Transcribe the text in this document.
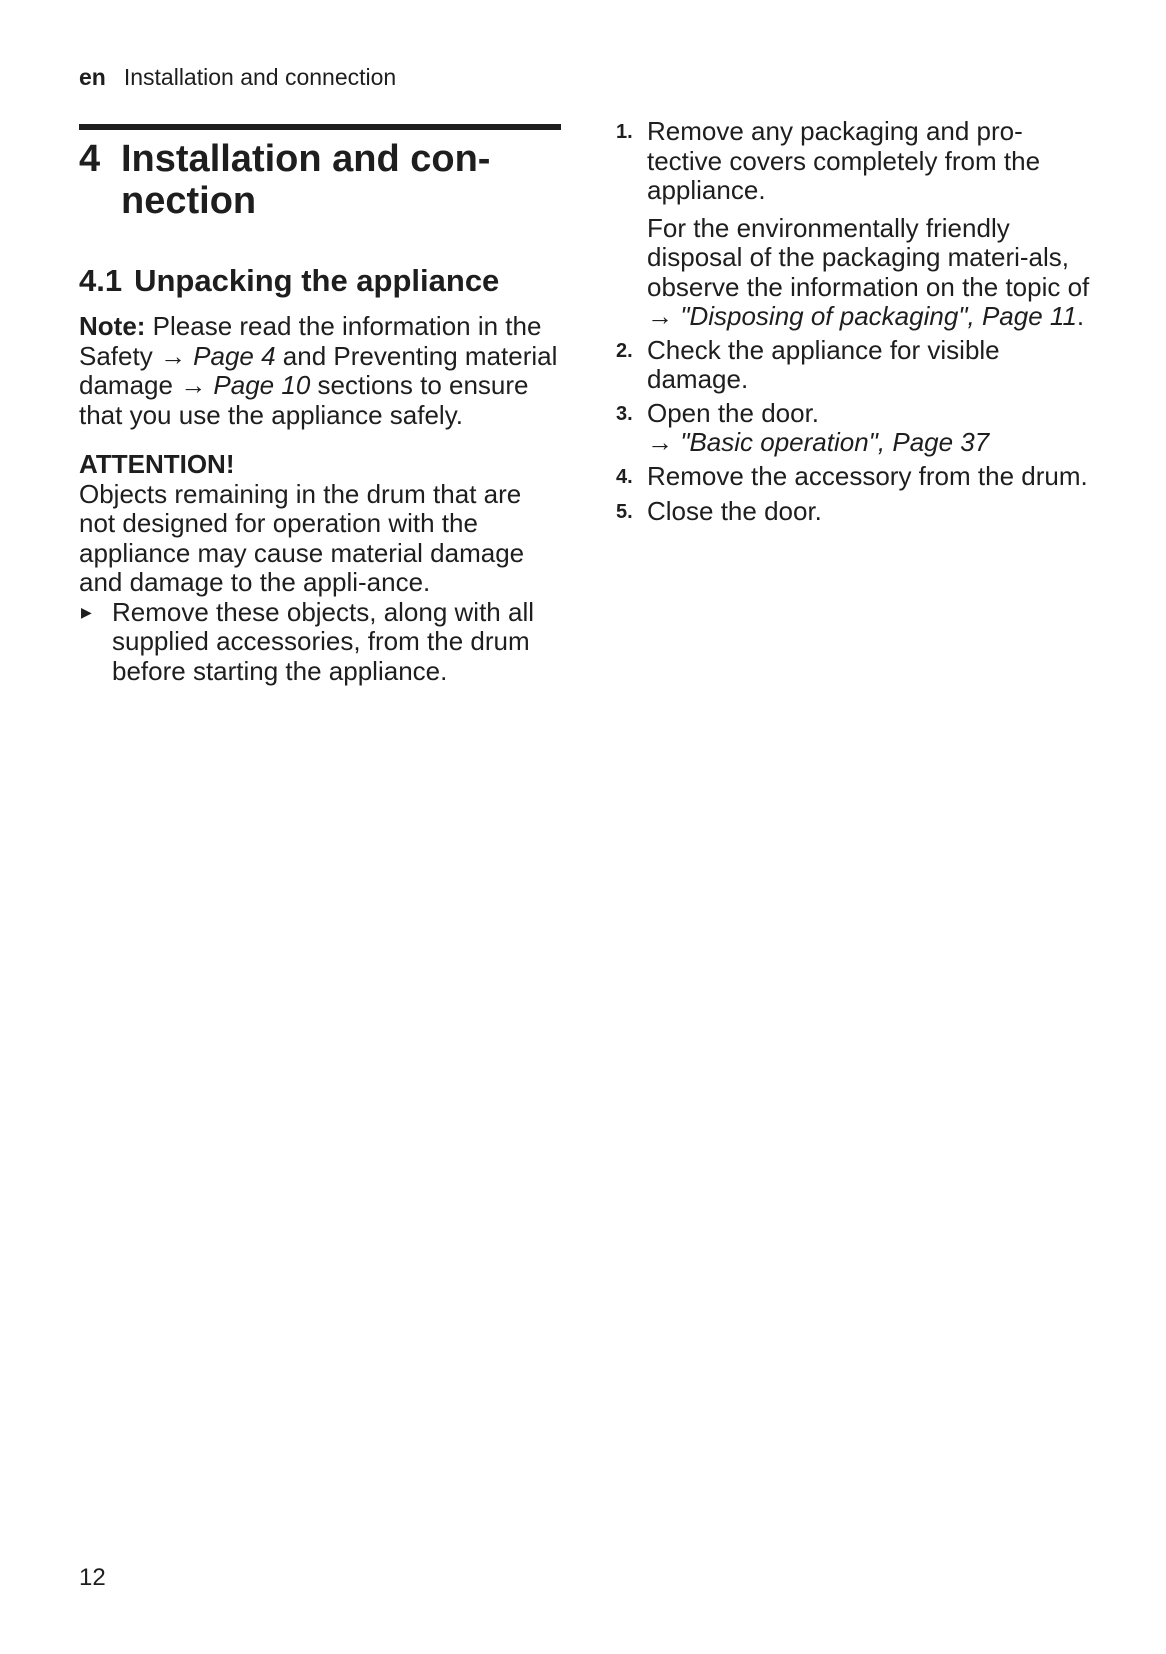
en Installation and connection
4 Installation and con-
nection
4.1 Unpacking the appliance

Note: Please read the information in the Safety → Page 4 and Preventing material damage → Page 10 sections to ensure that you use the appliance safely.

ATTENTION!

Objects remaining in the drum that are not designed for operation with the appliance may cause material damage and damage to the appli-ance.

▶ Remove these objects, along with all supplied accessories, from the drum before starting the appliance.
1. Remove any packaging and pro-tective covers completely from the appliance.
For the environmentally friendly disposal of the packaging materi-als, observe the information on the topic of
→ "Disposing of packaging", Page 11.
2. Check the appliance for visible damage.
3. Open the door.
→ "Basic operation", Page 37
4. Remove the accessory from the drum.
5. Close the door.
12
